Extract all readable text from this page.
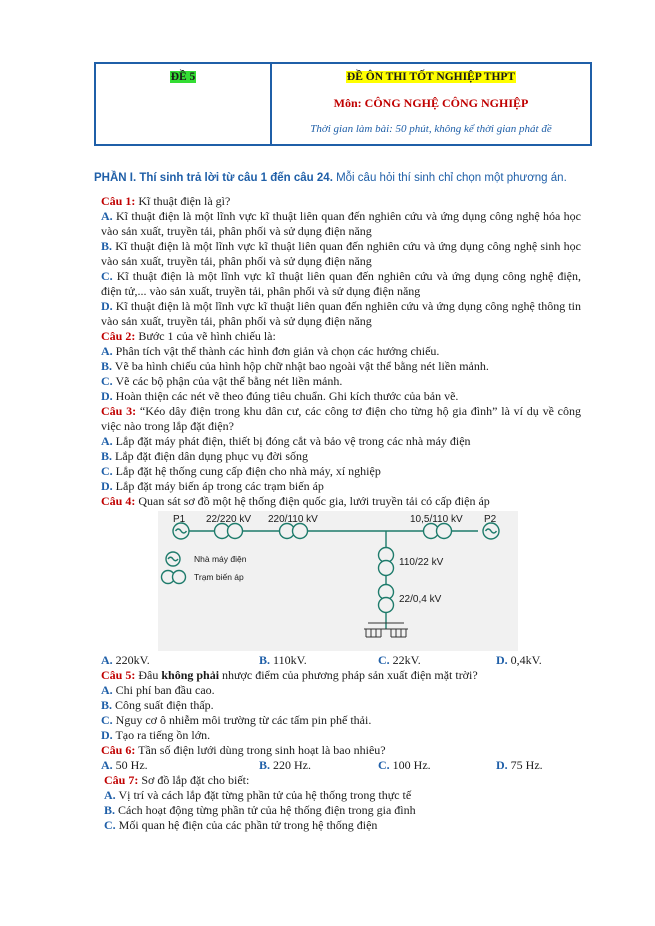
ĐỀ 5	ĐỀ ÔN THI TỐT NGHIỆP THPT
Môn: CÔNG NGHỆ CÔNG NGHIỆP
Thời gian làm bài: 50 phút, không kể thời gian phát đề
PHẦN I. Thí sinh trả lời từ câu 1 đến câu 24. Mỗi câu hỏi thí sinh chỉ chọn một phương án.

Câu 1: Kĩ thuật điện là gì?

A. Kĩ thuật điện là một lĩnh vực kĩ thuật liên quan đến nghiên cứu và ứng dụng công nghệ hóa học vào sản xuất, truyền tải, phân phối và sử dụng điện năng

B. Kĩ thuật điện là một lĩnh vực kĩ thuật liên quan đến nghiên cứu và ứng dụng công nghệ sinh học vào sản xuất, truyền tải, phân phối và sử dụng điện năng

C. Kĩ thuật điện là một lĩnh vực kĩ thuật liên quan đến nghiên cứu và ứng dụng công nghệ điện, điện tử,... vào sản xuất, truyền tải, phân phối và sử dụng điện năng

D. Kĩ thuật điện là một lĩnh vực kĩ thuật liên quan đến nghiên cứu và ứng dụng công nghệ thông tin vào sản xuất, truyền tải, phân phối và sử dụng điện năng

Câu 2: Bước 1 của vẽ hình chiếu là:

A. Phân tích vật thể thành các hình đơn giản và chọn các hướng chiếu.

B. Vẽ ba hình chiếu của hình hộp chữ nhật bao ngoài vật thể bằng nét liền mảnh.

C. Vẽ các bộ phận của vật thể bằng nét liền mảnh.

D. Hoàn thiện các nét vẽ theo đúng tiêu chuẩn. Ghi kích thước của bản vẽ.

Câu 3: “Kéo dây điện trong khu dân cư, các công tơ điện cho từng hộ gia đình” là ví dụ về công việc nào trong lắp đặt điện?

A. Lắp đặt máy phát điện, thiết bị đóng cắt và bảo vệ trong các nhà máy điện

B. Lắp đặt điện dân dụng phục vụ đời sống

C. Lắp đặt hệ thống cung cấp điện cho nhà máy, xí nghiệp

D. Lắp đặt máy biến áp trong các trạm biến áp

Câu 4: Quan sát sơ đồ một hệ thống điện quốc gia, lưới truyền tải có cấp điện áp

P1	P2
22/220 kV 220/110 kV	10,5/110 kV
110/22 kV
22/0,4 kV
Nhà máy điện
Trạm biến áp
A. 220kV.	B. 110kV.	C. 22kV.	D. 0,4kV.

Câu 5: Đâu không phải nhược điểm của phương pháp sản xuất điện mặt trời?

A. Chi phí ban đầu cao.

B. Công suất điện thấp.

C. Nguy cơ ô nhiễm môi trường từ các tấm pin phế thải.

D. Tạo ra tiếng ồn lớn.

Câu 6: Tần số điện lưới dùng trong sinh hoạt là bao nhiêu?

A. 50 Hz.	B. 220 Hz.	C. 100 Hz.	D. 75 Hz.

Câu 7: Sơ đồ lắp đặt cho biết:

A. Vị trí và cách lắp đặt từng phần tử của hệ thống trong thực tế

B. Cách hoạt động từng phần tử của hệ thống điện trong gia đình

C. Mối quan hệ điện của các phần tử trong hệ thống điện
